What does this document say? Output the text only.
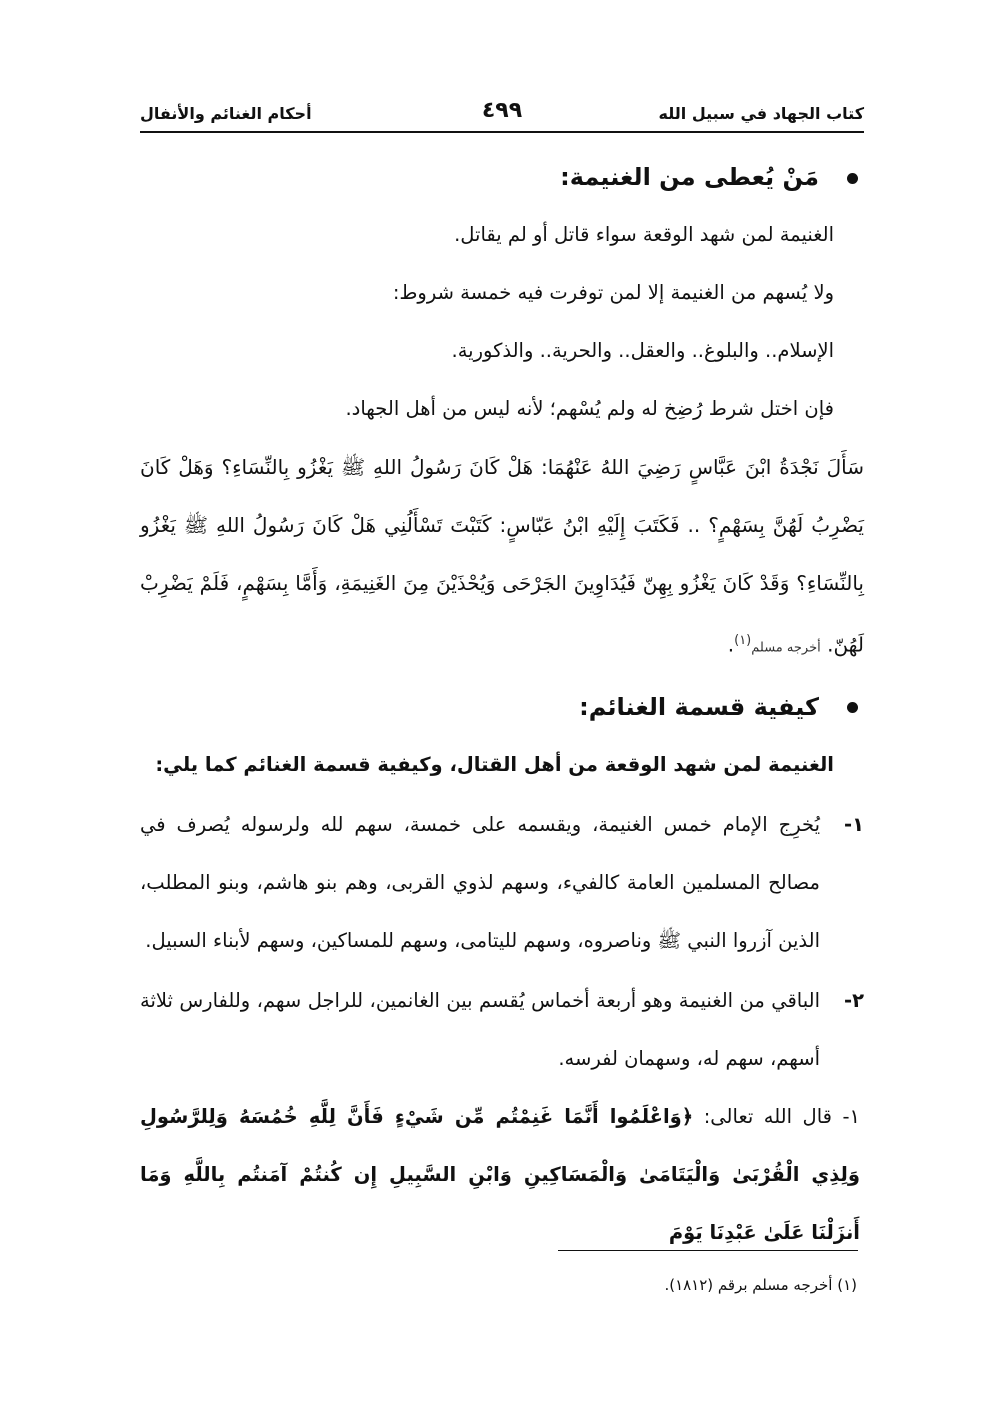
كتاب الجهاد في سبيل الله
٤٩٩
أحكام الغنائم والأنفال
مَنْ يُعطى من الغنيمة:
الغنيمة لمن شهد الوقعة سواء قاتل أو لم يقاتل.
ولا يُسهم من الغنيمة إلا لمن توفرت فيه خمسة شروط:
الإسلام.. والبلوغ.. والعقل.. والحرية.. والذكورية.
فإن اختل شرط رُضِخ له ولم يُسْهم؛ لأنه ليس من أهل الجهاد.
سَأَلَ نَجْدَةُ ابْنَ عَبَّاسٍ رَضِيَ اللهُ عَنْهُمَا: هَلْ كَانَ رَسُولُ اللهِ ﷺ يَغْزُو بِالنِّسَاءِ؟ وَهَلْ كَانَ يَضْرِبُ لَهُنَّ بِسَهْمٍ؟ .. فَكَتَبَ إِلَيْهِ ابْنُ عَبّاسٍ: كَتَبْتَ تَسْأَلُنِي هَلْ كَانَ رَسُولُ اللهِ ﷺ يَغْزُو بِالنِّسَاءِ؟ وَقَدْ كَانَ يَغْزُو بِهِنّ فَيُدَاوِينَ الجَرْحَى وَيُحْذَيْنَ مِنَ الغَنِيمَةِ، وَأَمَّا بِسَهْمٍ، فَلَمْ يَضْرِبْ لَهُنّ. أخرجه مسلم$^{(١)}$.
كيفية قسمة الغنائم:
الغنيمة لمن شهد الوقعة من أهل القتال، وكيفية قسمة الغنائم كما يلي:
١-
يُخرِج الإمام خمس الغنيمة، ويقسمه على خمسة، سهم لله ولرسوله يُصرف في مصالح المسلمين العامة كالفيء، وسهم لذوي القربى، وهم بنو هاشم، وبنو المطلب، الذين آزروا النبي ﷺ وناصروه، وسهم لليتامى، وسهم للمساكين، وسهم لأبناء السبيل.
٢-
الباقي من الغنيمة وهو أربعة أخماس يُقسم بين الغانمين، للراجل سهم، وللفارس ثلاثة أسهم، سهم له، وسهمان لفرسه.
١- قال الله تعالى: ﴿وَاعْلَمُوا أَنَّمَا غَنِمْتُم مِّن شَيْءٍ فَأَنَّ لِلَّهِ خُمُسَهُ وَلِلرَّسُولِ وَلِذِي الْقُرْبَىٰ وَالْيَتَامَىٰ وَالْمَسَاكِينِ وَابْنِ السَّبِيلِ إِن كُنتُمْ آمَنتُم بِاللَّهِ وَمَا أَنزَلْنَا عَلَىٰ عَبْدِنَا يَوْمَ
(١) أخرجه مسلم برقم (١٨١٢).
